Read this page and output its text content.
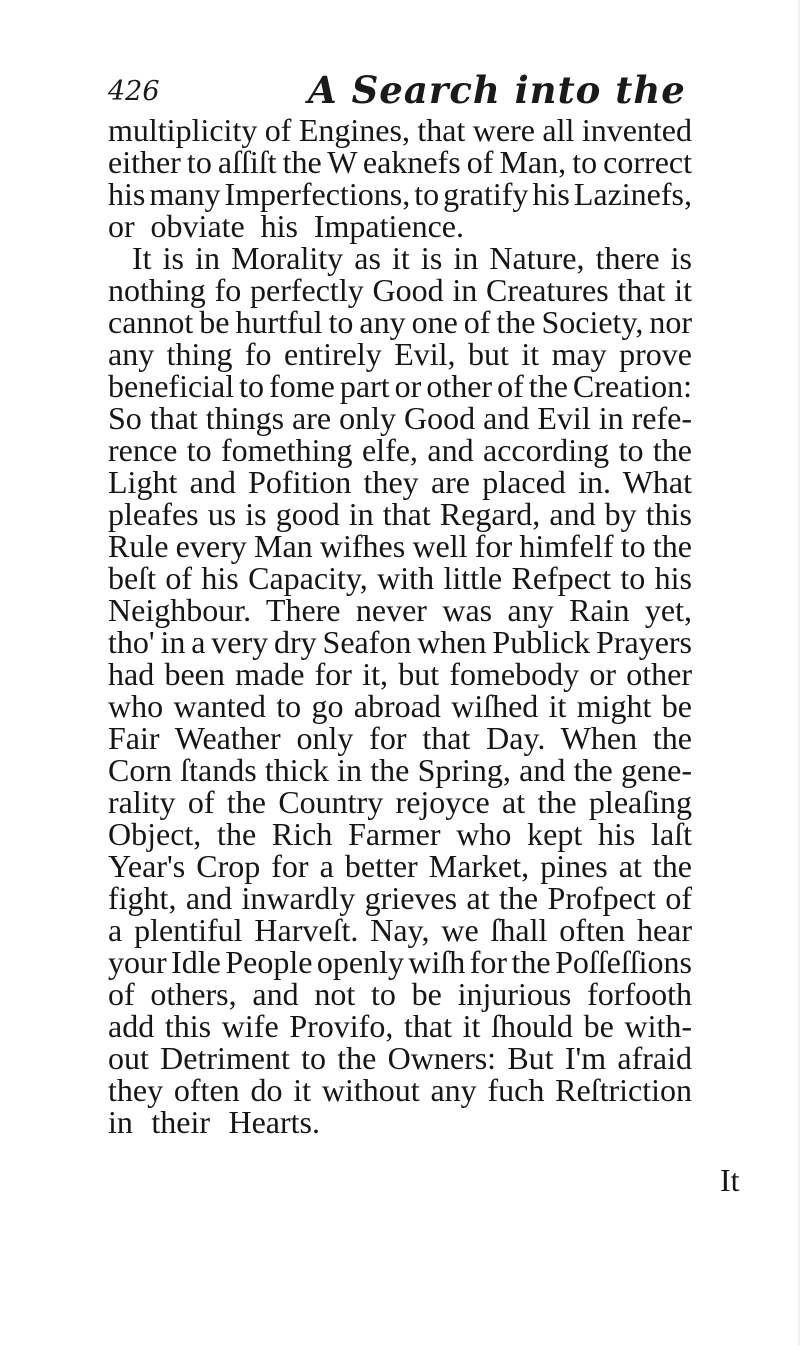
426	A Search into the
multiplicity of Engines, that were all invented
either to aſſiſt the W eaknefs of Man, to correct
his many Imperfections, to gratify his Lazinefs,
or obviate his Impatience.
It is in Morality as it is in Nature, there is
nothing fo perfectly Good in Creatures that it
cannot be hurtful to any one of the Society, nor
any thing fo entirely Evil, but it may prove
beneficial to fome part or other of the Creation:
So that things are only Good and Evil in refe-
rence to fomething elfe, and according to the
Light and Pofition they are placed in. What
pleafes us is good in that Regard, and by this
Rule every Man wifhes well for himfelf to the
beſt of his Capacity, with little Refpect to his
Neighbour. There never was any Rain yet,
tho' in a very dry Seafon when Publick Prayers
had been made for it, but fomebody or other
who wanted to go abroad wiſhed it might be
Fair Weather only for that Day. When the
Corn ſtands thick in the Spring, and the gene-
rality of the Country rejoyce at the pleaſing
Object, the Rich Farmer who kept his laſt
Year's Crop for a better Market, pines at the
fight, and inwardly grieves at the Profpect of
a plentiful Harveſt. Nay, we ſhall often hear
your Idle People openly wiſh for the Poſſeſſions
of others, and not to be injurious forfooth
add this wife Provifo, that it ſhould be with-
out Detriment to the Owners: But I'm afraid
they often do it without any fuch Reſtriction
in their Hearts.
It
